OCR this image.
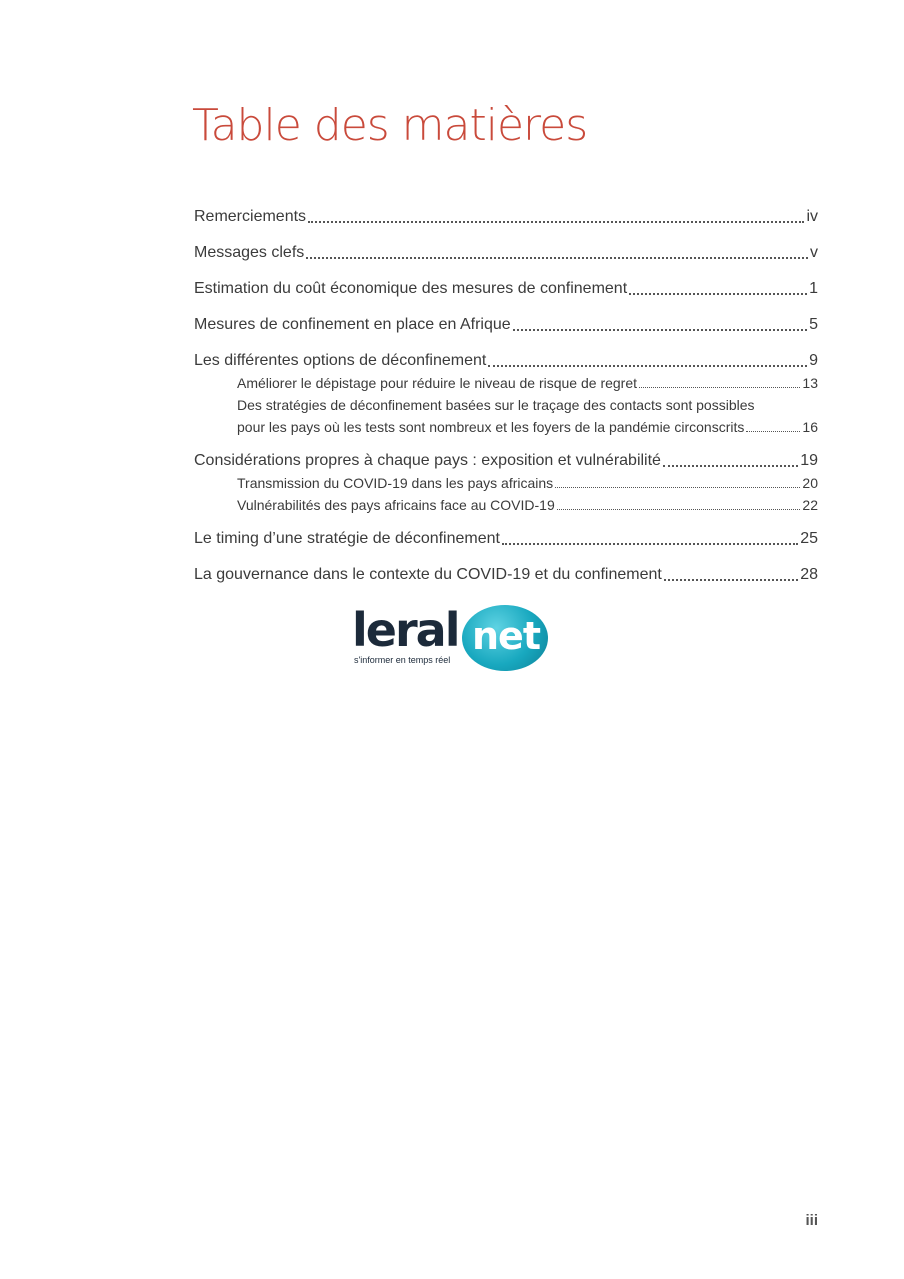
Table des matières
Remerciements	iv
Messages clefs	v
Estimation du coût économique des mesures de confinement	1
Mesures de confinement en place en Afrique	5
Les différentes options de déconfinement	9
Améliorer le dépistage pour réduire le niveau de risque de regret	13
Des stratégies de déconfinement basées sur le traçage des contacts sont possibles
pour les pays où les tests sont nombreux et les foyers de la pandémie circonscrits	16
Considérations propres à chaque pays : exposition et vulnérabilité	19
Transmission du COVID-19 dans les pays africains	20
Vulnérabilités des pays africains face au COVID-19	22
Le timing d’une stratégie de déconfinement	25
La gouvernance dans le contexte du COVID-19 et du confinement	28
leral net
s'informer en temps réel
iii
